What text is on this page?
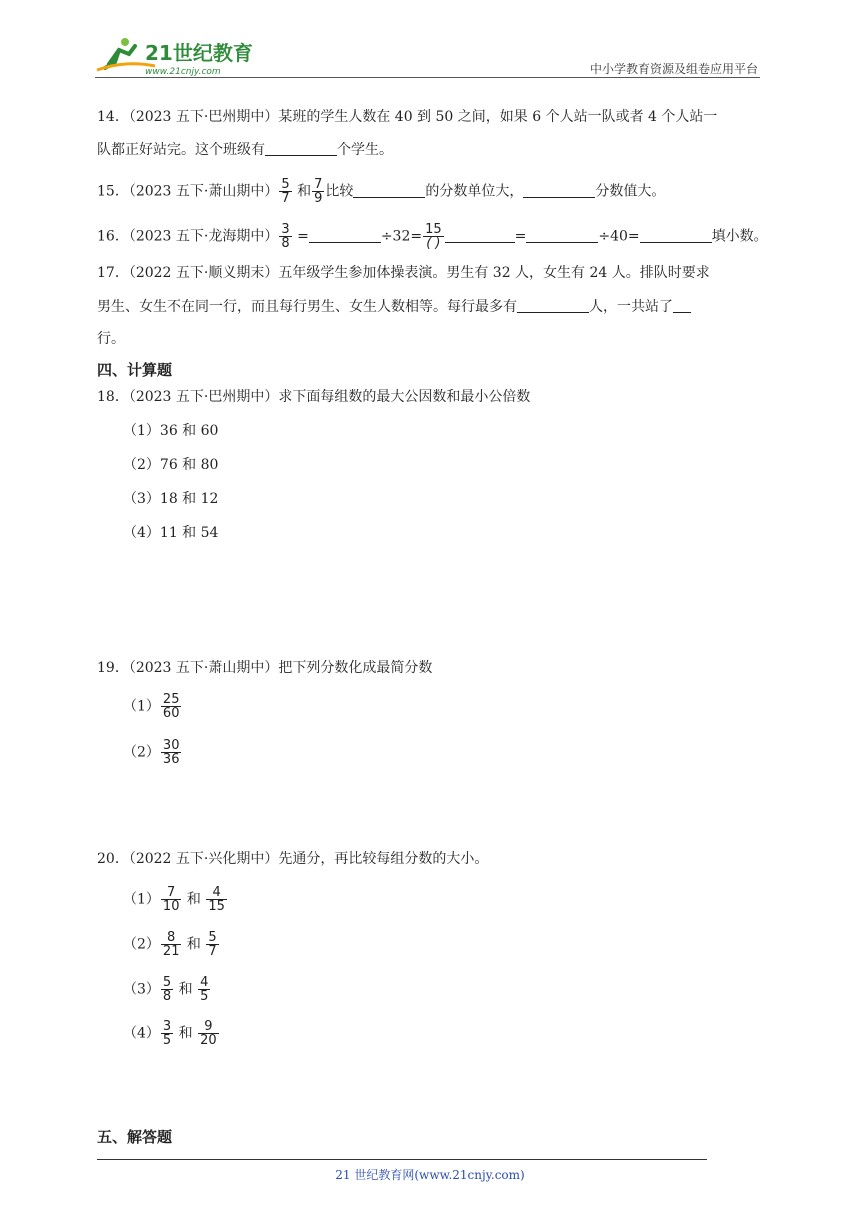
21世纪教育
www.21cnjy.com	中小学教育资源及组卷应用平台
14．（2023 五下·巴州期中）某班的学生人数在 40 到 50 之间，如果 6 个人站一队或者 4 个人站一
队都正好站完。这个班级有	个学生。
15．（2023 五下·萧山期中） $\frac{5}{7}$ 和 $\frac{7}{9}$ 比较	的分数单位大，	分数值大。
16．（2023 五下·龙海期中） $\frac{3}{8}$ =	$\div 32= \frac{15}{( )}$	=	÷40=	填小数。
17．（2022 五下·顺义期末）五年级学生参加体操表演。男生有 32 人，女生有 24 人。排队时要求
男生、女生不在同一行，而且每行男生、女生人数相等。每行最多有	人，一共站了
行。
四、计算题
18．（2023 五下·巴州期中）求下面每组数的最大公因数和最小公倍数
（1）36 和 60
（2）76 和 80
（3）18 和 12
（4）11 和 54
19．（2023 五下·萧山期中）把下列分数化成最简分数
$(1) \frac{25}{60}$
$(2) \frac{30}{36}$
20．（2022 五下·兴化期中）先通分，再比较每组分数的大小。
$(1) \frac{7}{10}$ 和 $\frac{4}{15}$
$(2) \frac{8}{21}$ 和 $\frac{5}{7}$
$(3) \frac{5}{8}$ 和 $\frac{4}{5}$
$(4) \frac{3}{5}$ 和 $\frac{9}{20}$
五、解答题
21 世纪教育网(www.21cnjy.com)
